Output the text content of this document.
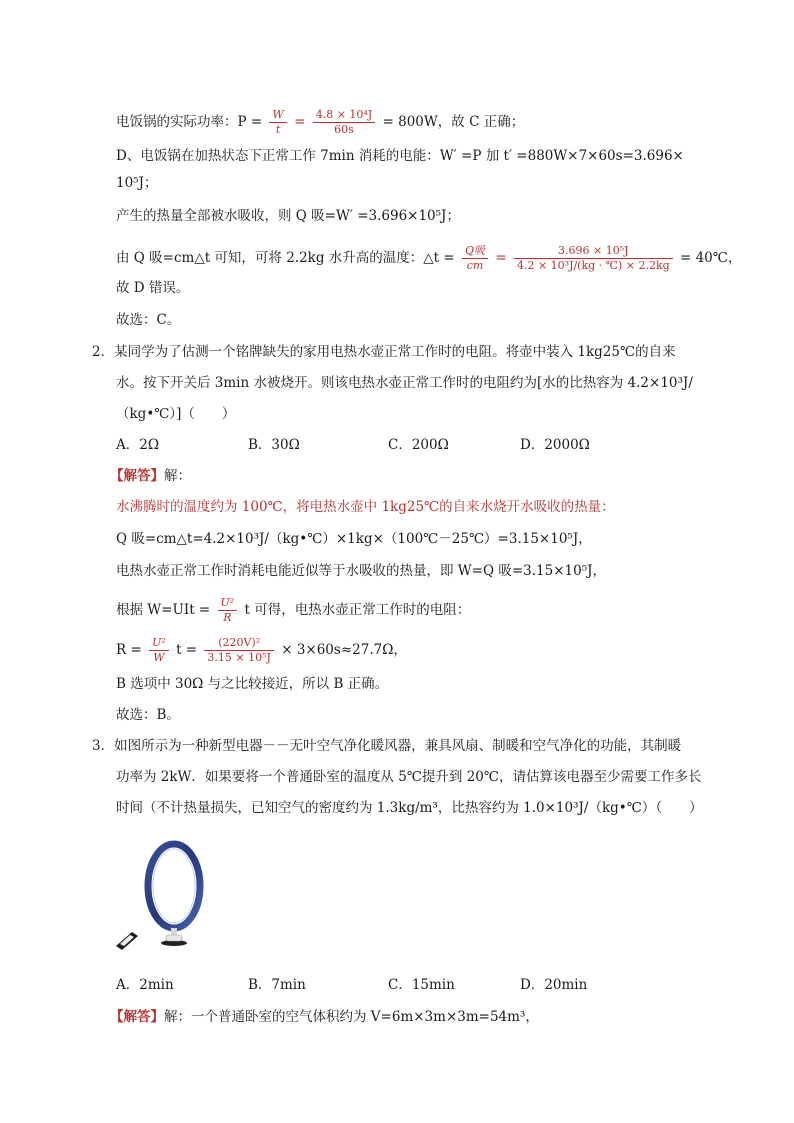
电饭锅的实际功率：$P = \frac{W}{t} = \frac{\text{4.8 × 10⁴J}}{60s} = 800W$，故 C 正确；
D、电饭锅在加热状态下正常工作 7min 消耗的电能：W′ =P 加 t′ =880W×7×60s=3.696×
10⁵J；
产生的热量全部被水吸收，则 Q 吸=W′ =3.696×10⁵J；
由 Q 吸=cm△t 可知，可将 2.2kg 水升高的温度：△t = $\frac{\text{Q吸}}{cm} = \frac{\text{3.696 × 10⁵J}}{\text{4.2 × 10³J/(kg · ℃) × 2.2kg}}$ = 40℃，
故 D 错误。
故选：C。
2．某同学为了估测一个铭牌缺失的家用电热水壶正常工作时的电阻。将壶中装入 1kg25℃的自来
水。按下开关后 3min 水被烧开。则该电热水壶正常工作时的电阻约为[水的比热容为 4.2×10³J/
（kg•℃）]（　　）
A．2Ω	B．30Ω	C．200Ω	D．2000Ω
【解答】解：
水沸腾时的温度约为 100℃，将电热水壶中 1kg25℃的自来水烧开水吸收的热量：
Q 吸=cm△t=4.2×10³J/（kg•℃）×1kg×（100℃－25℃）=3.15×10⁵J，
电热水壶正常工作时消耗电能近似等于水吸收的热量，即 W=Q 吸=3.15×10⁵J，
根据 $W=UIt = \frac{\text{U²}}{R}$ t 可得，电热水壶正常工作时的电阻：
$R = \frac{\text{U²}}{W}$ $t = \frac{\text{(220V)²}}{\text{3.15 × 10⁵J}} \times 3\times 60s\approx 27.7\Omega$，
B 选项中 30Ω 与之比较接近，所以 B 正确。
故选：B。
3．如图所示为一种新型电器－－无叶空气净化暖风器，兼具风扇、制暖和空气净化的功能，其制暖
功率为 2kW．如果要将一个普通卧室的温度从 5℃提升到 20℃，请估算该电器至少需要工作多长
时间（不计热量损失，已知空气的密度约为 1.3kg/m³，比热容约为 1.0×10³J/（kg•℃）（　　）
A．2min	B．7min	C．15min	D．20min
【解答】解：一个普通卧室的空气体积约为 V=6m×3m×3m=54m³，
